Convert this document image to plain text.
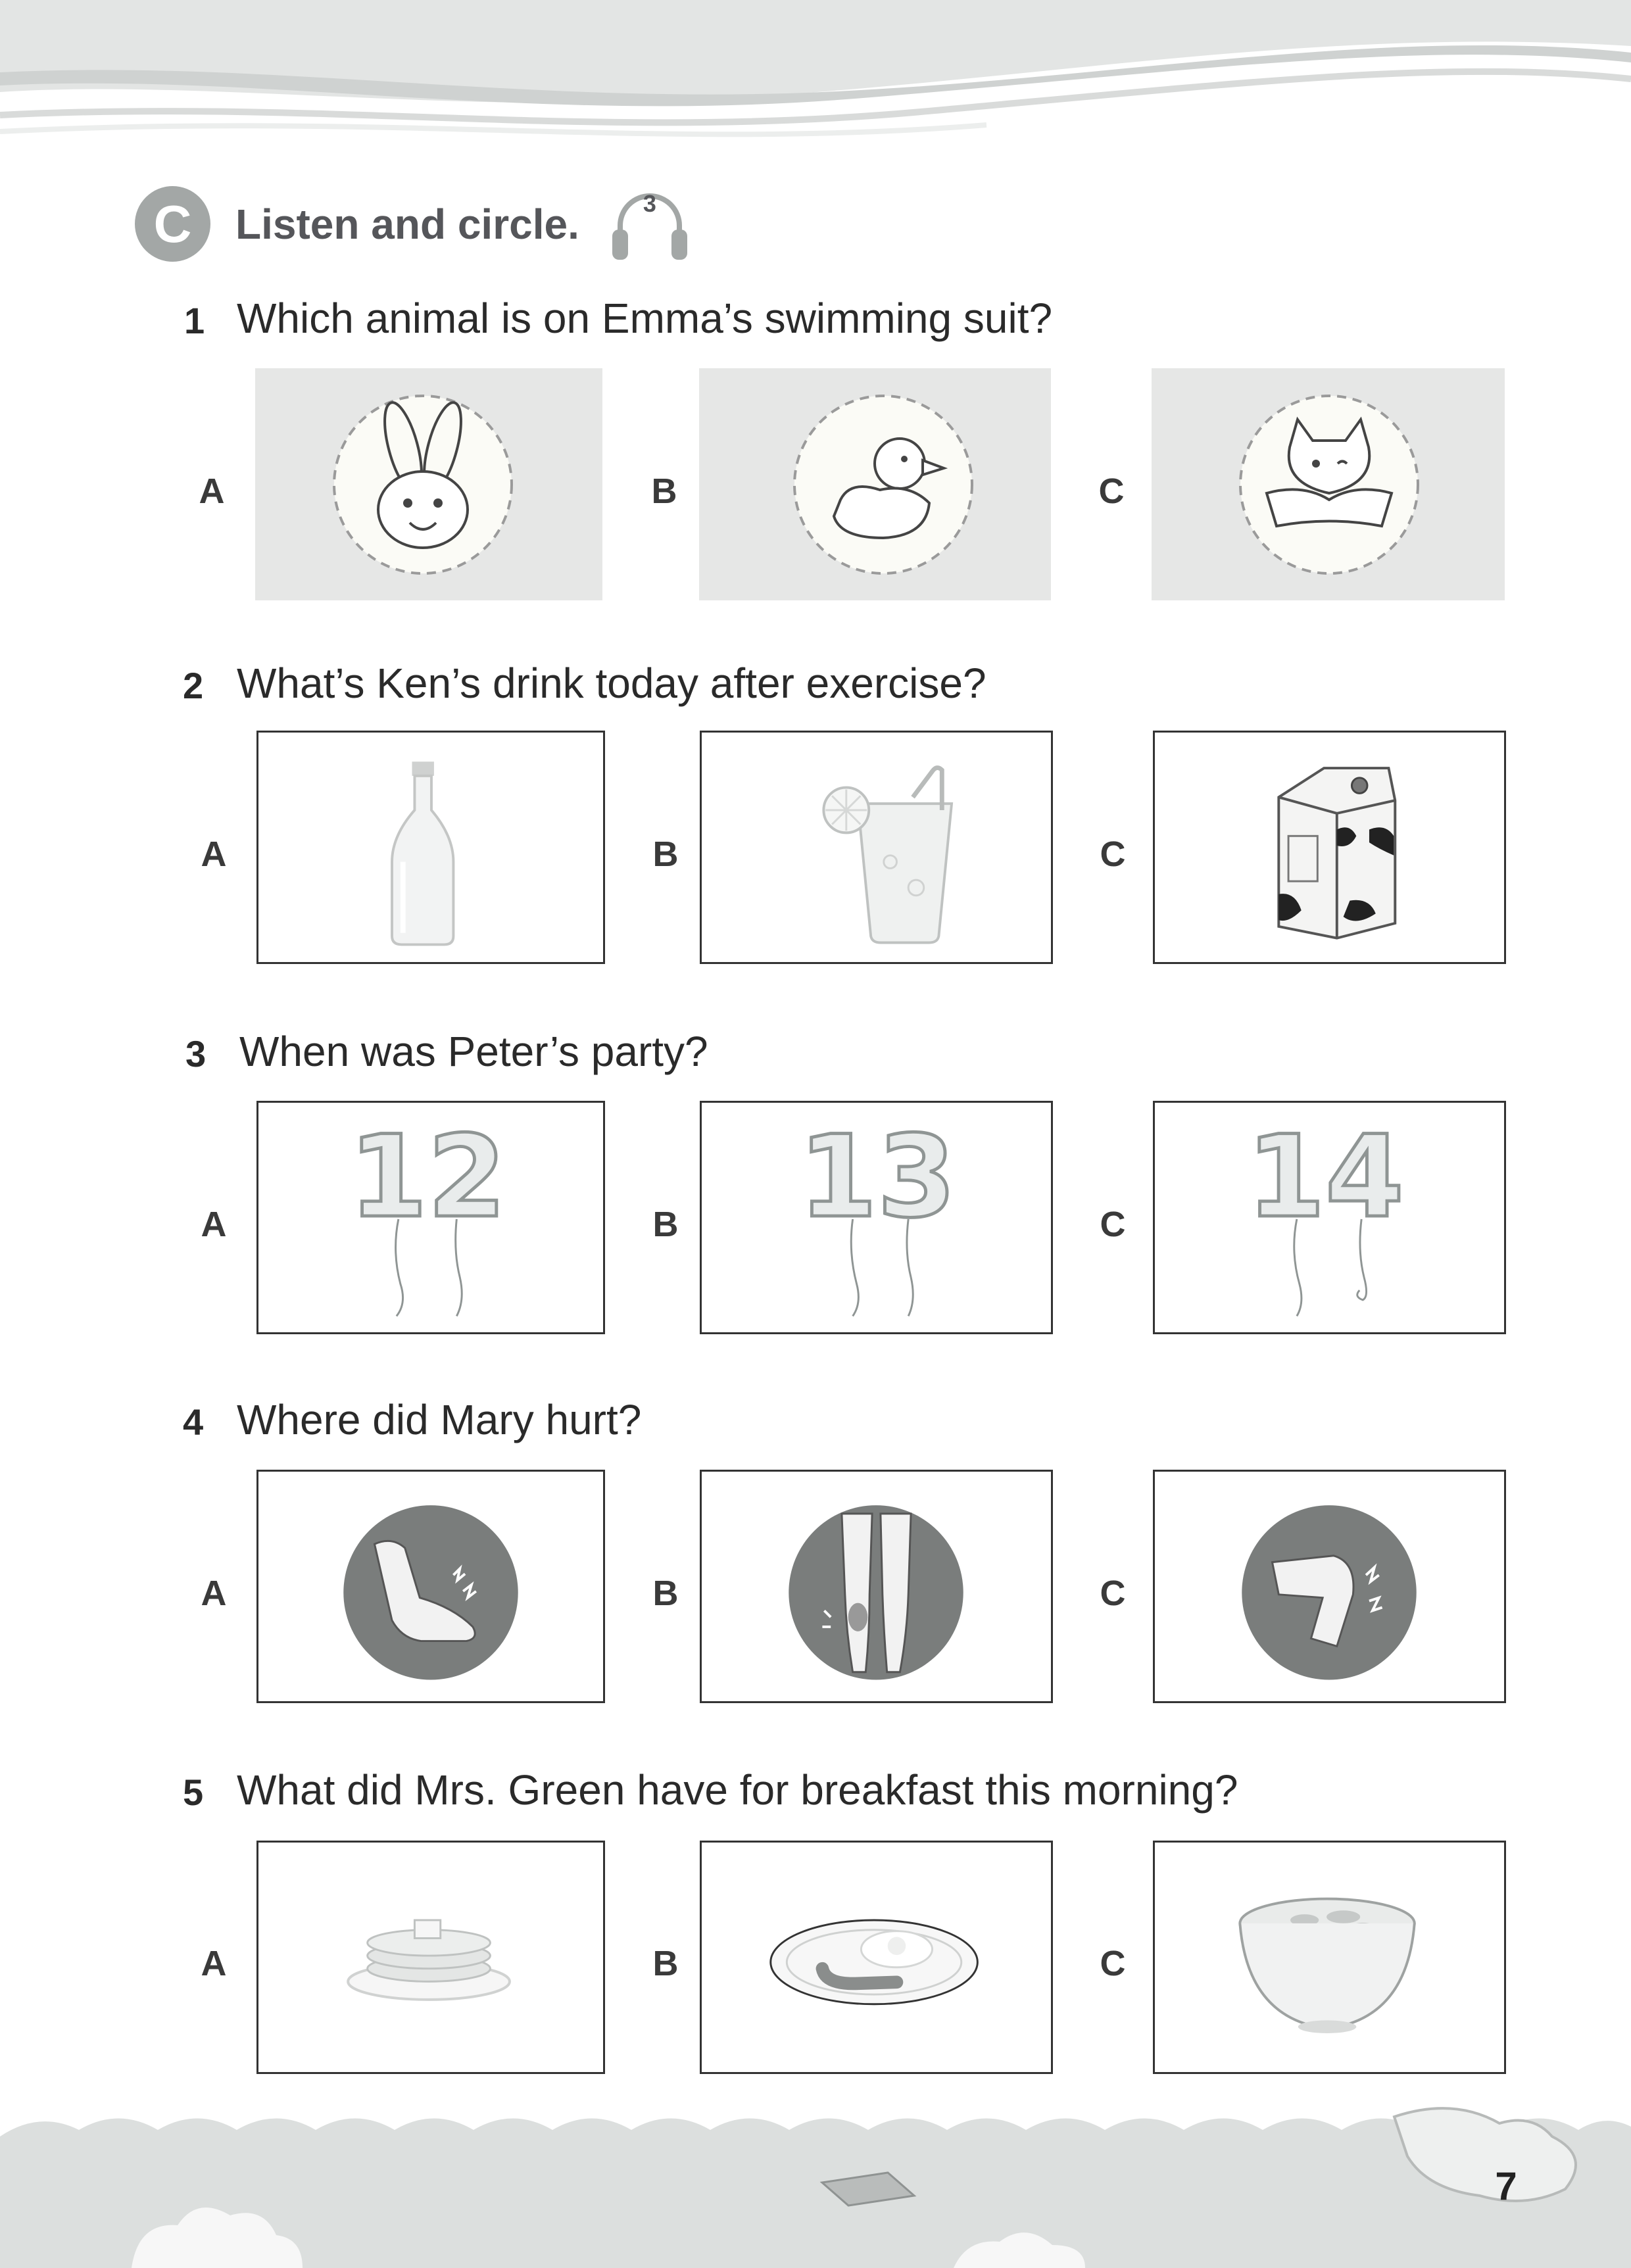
C	Listen and circle.	3
1 Which animal is on Emma’s swimming suit?
A	B	C
2 What’s Ken’s drink today after exercise?
A	B	C
3 When was Peter’s party?
A 12	B 13	C 14
4 Where did Mary hurt?
A	B	C
5 What did Mrs. Green have for breakfast this morning?
A	B	C
7
